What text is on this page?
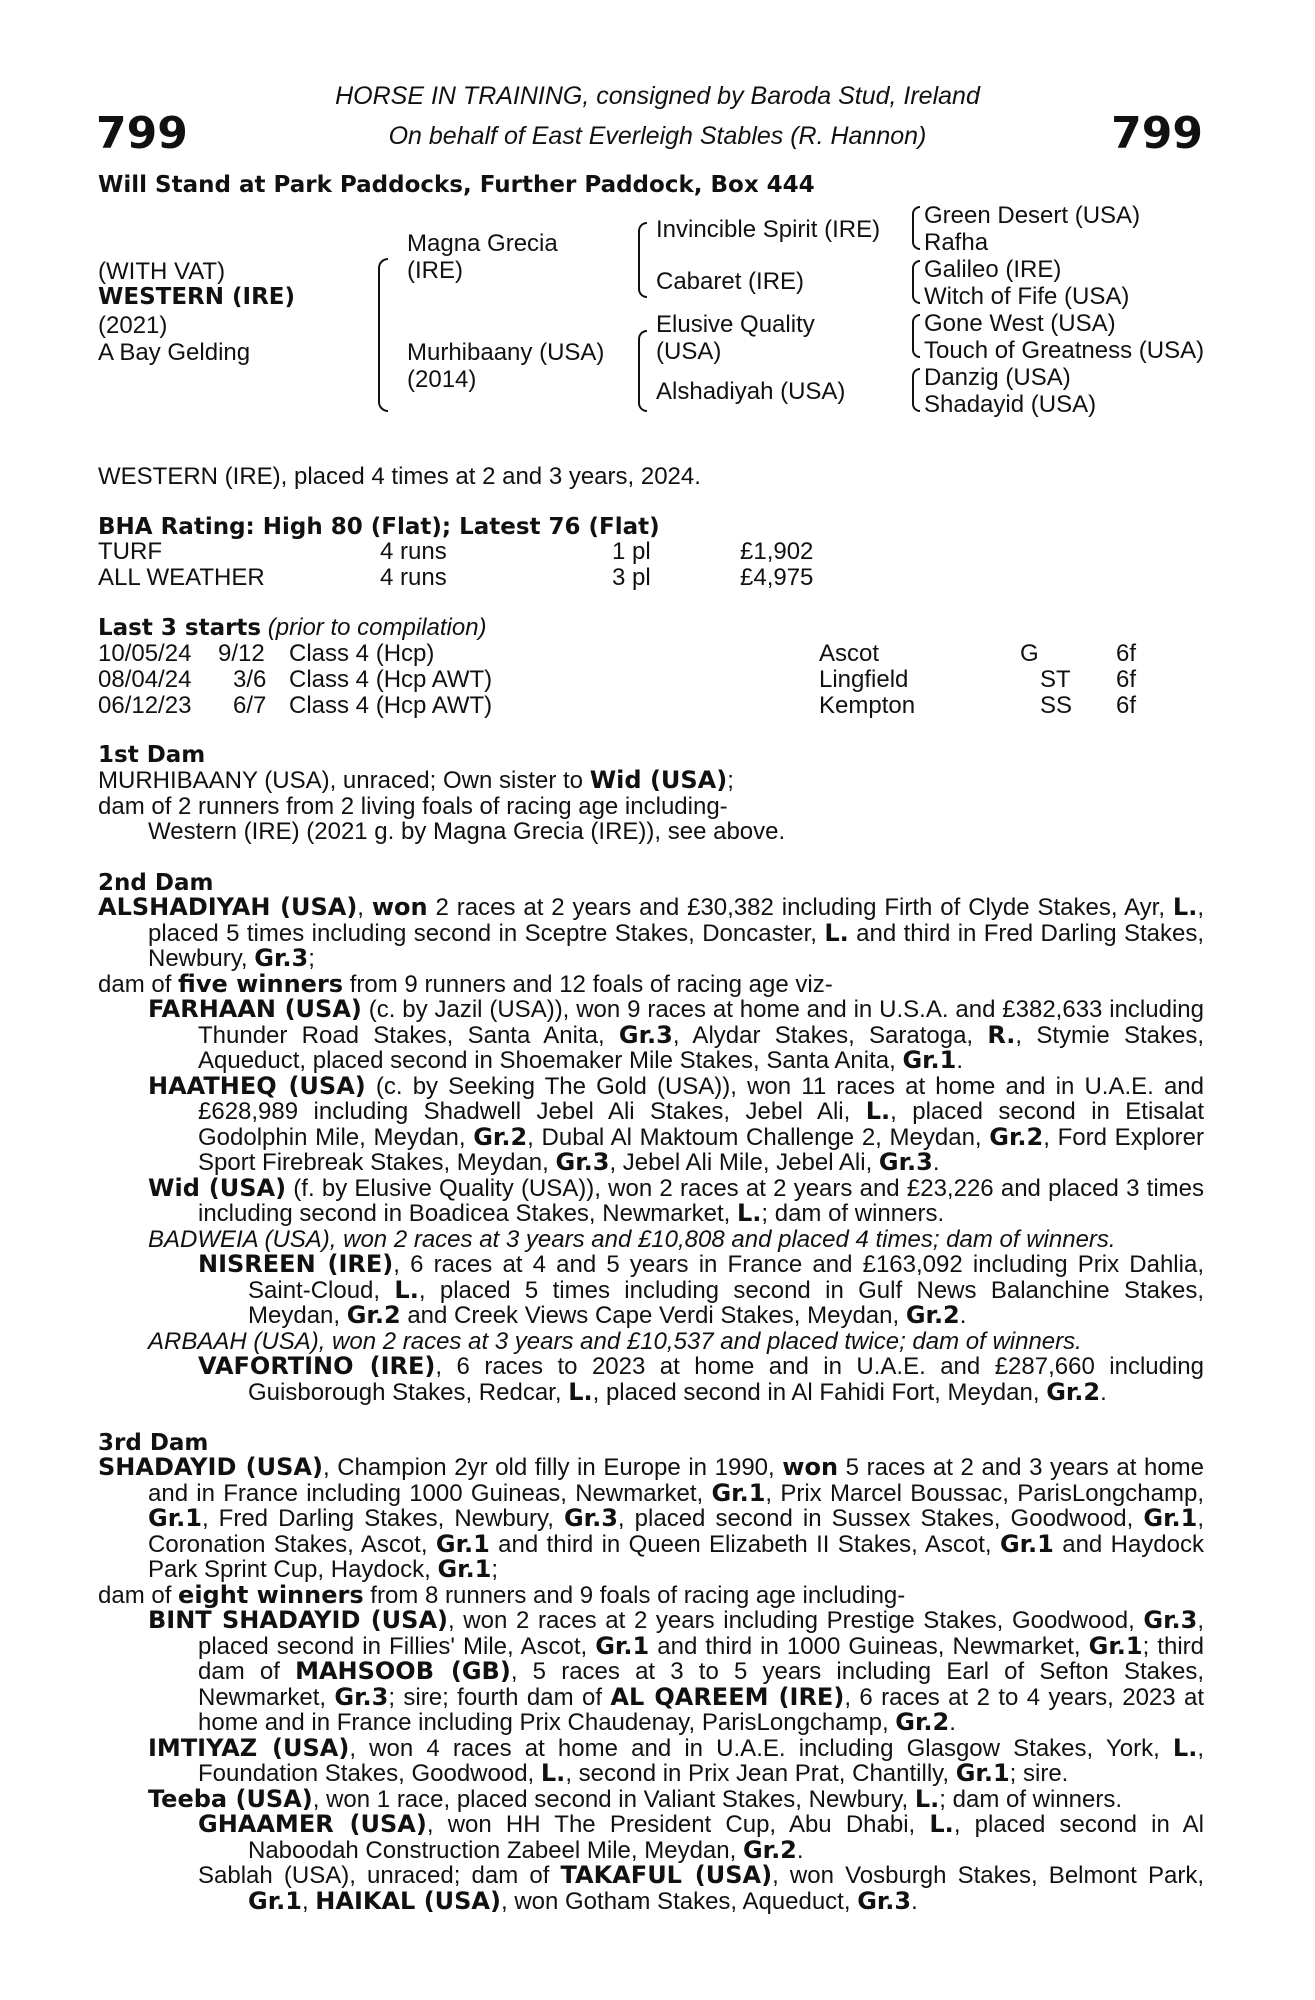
799	799
HORSE IN TRAINING, consigned by Baroda Stud, Ireland
On behalf of East Everleigh Stables (R. Hannon)
Will Stand at Park Paddocks, Further Paddock, Box 444
(WITH VAT)
WESTERN (IRE)
(2021)
A Bay Gelding
Magna Grecia
(IRE)
Murhibaany (USA)
(2014)
Invincible Spirit (IRE)
Cabaret (IRE)
Elusive Quality
(USA)
Alshadiyah (USA)
Green Desert (USA)
Rafha
Galileo (IRE)
Witch of Fife (USA)
Gone West (USA)
Touch of Greatness (USA)
Danzig (USA)
Shadayid (USA)
WESTERN (IRE), placed 4 times at 2 and 3 years, 2024.
BHA Rating: High 80 (Flat); Latest 76 (Flat)
TURF	4 runs	1 pl	£1,902
ALL WEATHER	4 runs	3 pl	£4,975
Last 3 starts (prior to compilation)
10/05/24 9/12 Class 4 (Hcp)	Ascot	G	6f
08/04/24 3/6 Class 4 (Hcp AWT)	Lingfield	ST 6f
06/12/23 6/7 Class 4 (Hcp AWT)	Kempton	SS 6f
1st Dam
MURHIBAANY (USA), unraced; Own sister to Wid (USA);
dam of 2 runners from 2 living foals of racing age including-
Western (IRE) (2021 g. by Magna Grecia (IRE)), see above.
2nd Dam
ALSHADIYAH (USA), won 2 races at 2 years and £30,382 including Firth of Clyde Stakes, Ayr, L., placed 5 times including second in Sceptre Stakes, Doncaster, L. and third in Fred Darling Stakes, Newbury, Gr.3;
dam of five winners from 9 runners and 12 foals of racing age viz-
FARHAAN (USA) (c. by Jazil (USA)), won 9 races at home and in U.S.A. and £382,633 including Thunder Road Stakes, Santa Anita, Gr.3, Alydar Stakes, Saratoga, R., Stymie Stakes, Aqueduct, placed second in Shoemaker Mile Stakes, Santa Anita, Gr.1.
HAATHEQ (USA) (c. by Seeking The Gold (USA)), won 11 races at home and in U.A.E. and £628,989 including Shadwell Jebel Ali Stakes, Jebel Ali, L., placed second in Etisalat Godolphin Mile, Meydan, Gr.2, Dubal Al Maktoum Challenge 2, Meydan, Gr.2, Ford Explorer Sport Firebreak Stakes, Meydan, Gr.3, Jebel Ali Mile, Jebel Ali, Gr.3.
Wid (USA) (f. by Elusive Quality (USA)), won 2 races at 2 years and £23,226 and placed 3 times including second in Boadicea Stakes, Newmarket, L.; dam of winners.
BADWEIA (USA), won 2 races at 3 years and £10,808 and placed 4 times; dam of winners.
NISREEN (IRE), 6 races at 4 and 5 years in France and £163,092 including Prix Dahlia, Saint-Cloud, L., placed 5 times including second in Gulf News Balanchine Stakes, Meydan, Gr.2 and Creek Views Cape Verdi Stakes, Meydan, Gr.2.
ARBAAH (USA), won 2 races at 3 years and £10,537 and placed twice; dam of winners.
VAFORTINO (IRE), 6 races to 2023 at home and in U.A.E. and £287,660 including Guisborough Stakes, Redcar, L., placed second in Al Fahidi Fort, Meydan, Gr.2.
3rd Dam
SHADAYID (USA), Champion 2yr old filly in Europe in 1990, won 5 races at 2 and 3 years at home and in France including 1000 Guineas, Newmarket, Gr.1, Prix Marcel Boussac, ParisLongchamp, Gr.1, Fred Darling Stakes, Newbury, Gr.3, placed second in Sussex Stakes, Goodwood, Gr.1, Coronation Stakes, Ascot, Gr.1 and third in Queen Elizabeth II Stakes, Ascot, Gr.1 and Haydock Park Sprint Cup, Haydock, Gr.1;
dam of eight winners from 8 runners and 9 foals of racing age including-
BINT SHADAYID (USA), won 2 races at 2 years including Prestige Stakes, Goodwood, Gr.3, placed second in Fillies' Mile, Ascot, Gr.1 and third in 1000 Guineas, Newmarket, Gr.1; third dam of MAHSOOB (GB), 5 races at 3 to 5 years including Earl of Sefton Stakes, Newmarket, Gr.3; sire; fourth dam of AL QAREEM (IRE), 6 races at 2 to 4 years, 2023 at home and in France including Prix Chaudenay, ParisLongchamp, Gr.2.
IMTIYAZ (USA), won 4 races at home and in U.A.E. including Glasgow Stakes, York, L., Foundation Stakes, Goodwood, L., second in Prix Jean Prat, Chantilly, Gr.1; sire.
Teeba (USA), won 1 race, placed second in Valiant Stakes, Newbury, L.; dam of winners.
GHAAMER (USA), won HH The President Cup, Abu Dhabi, L., placed second in Al Naboodah Construction Zabeel Mile, Meydan, Gr.2.
Sablah (USA), unraced; dam of TAKAFUL (USA), won Vosburgh Stakes, Belmont Park, Gr.1, HAIKAL (USA), won Gotham Stakes, Aqueduct, Gr.3.
